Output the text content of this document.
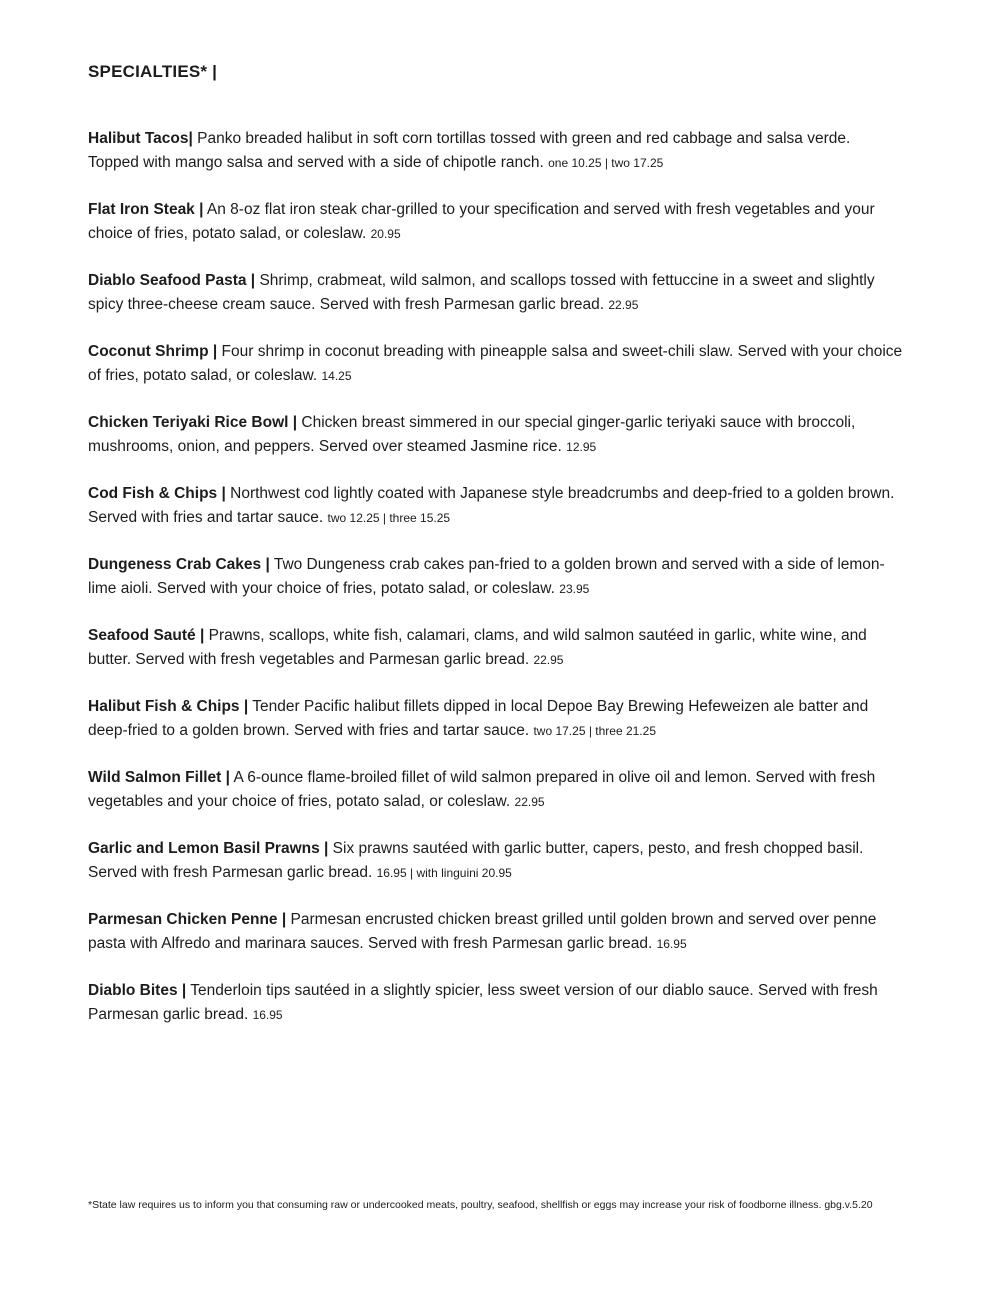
SPECIALTIES* |

Halibut Tacos| Panko breaded halibut in soft corn tortillas tossed with green and red cabbage and salsa verde. Topped with mango salsa and served with a side of chipotle ranch. one 10.25 | two 17.25

Flat Iron Steak | An 8-oz flat iron steak char-grilled to your specification and served with fresh vegetables and your choice of fries, potato salad, or coleslaw. 20.95

Diablo Seafood Pasta | Shrimp, crabmeat, wild salmon, and scallops tossed with fettuccine in a sweet and slightly spicy three-cheese cream sauce. Served with fresh Parmesan garlic bread. 22.95

Coconut Shrimp | Four shrimp in coconut breading with pineapple salsa and sweet-chili slaw. Served with your choice of fries, potato salad, or coleslaw. 14.25

Chicken Teriyaki Rice Bowl | Chicken breast simmered in our special ginger-garlic teriyaki sauce with broccoli, mushrooms, onion, and peppers. Served over steamed Jasmine rice. 12.95

Cod Fish & Chips | Northwest cod lightly coated with Japanese style breadcrumbs and deep-fried to a golden brown. Served with fries and tartar sauce. two 12.25 | three 15.25

Dungeness Crab Cakes | Two Dungeness crab cakes pan-fried to a golden brown and served with a side of lemon-lime aioli. Served with your choice of fries, potato salad, or coleslaw. 23.95

Seafood Sauté | Prawns, scallops, white fish, calamari, clams, and wild salmon sautéed in garlic, white wine, and butter. Served with fresh vegetables and Parmesan garlic bread. 22.95

Halibut Fish & Chips | Tender Pacific halibut fillets dipped in local Depoe Bay Brewing Hefeweizen ale batter and deep-fried to a golden brown. Served with fries and tartar sauce. two 17.25 | three 21.25

Wild Salmon Fillet | A 6-ounce flame-broiled fillet of wild salmon prepared in olive oil and lemon. Served with fresh vegetables and your choice of fries, potato salad, or coleslaw. 22.95

Garlic and Lemon Basil Prawns | Six prawns sautéed with garlic butter, capers, pesto, and fresh chopped basil. Served with fresh Parmesan garlic bread. 16.95 | with linguini 20.95

Parmesan Chicken Penne | Parmesan encrusted chicken breast grilled until golden brown and served over penne pasta with Alfredo and marinara sauces. Served with fresh Parmesan garlic bread. 16.95

Diablo Bites | Tenderloin tips sautéed in a slightly spicier, less sweet version of our diablo sauce. Served with fresh Parmesan garlic bread. 16.95

*State law requires us to inform you that consuming raw or undercooked meats, poultry, seafood, shellfish or eggs may increase your risk of foodborne illness. gbg.v.5.20
